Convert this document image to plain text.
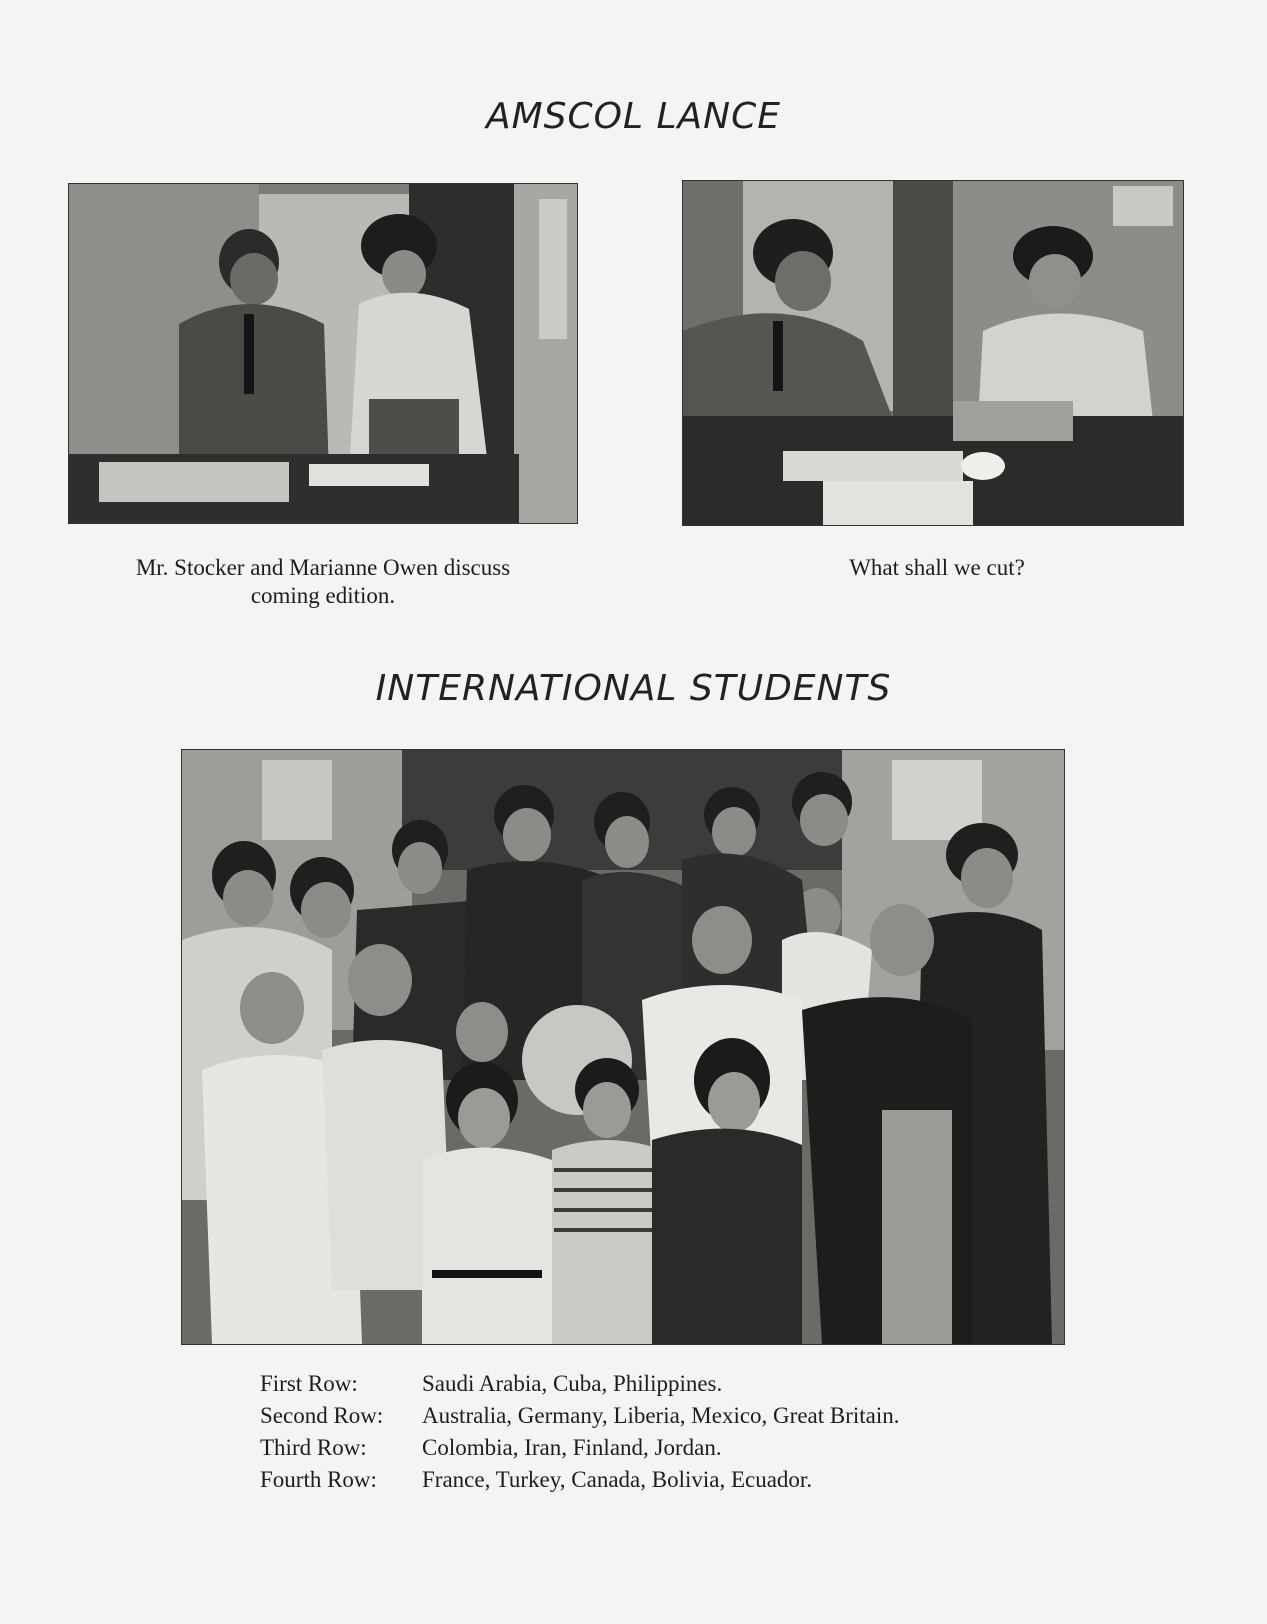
AMSCOL LANCE
Mr. Stocker and Marianne Owen discuss
coming edition.
What shall we cut?
INTERNATIONAL STUDENTS
First Row:	Saudi Arabia, Cuba, Philippines.
Second Row:	Australia, Germany, Liberia, Mexico, Great Britain.
Third Row:	Colombia, Iran, Finland, Jordan.
Fourth Row:	France, Turkey, Canada, Bolivia, Ecuador.
